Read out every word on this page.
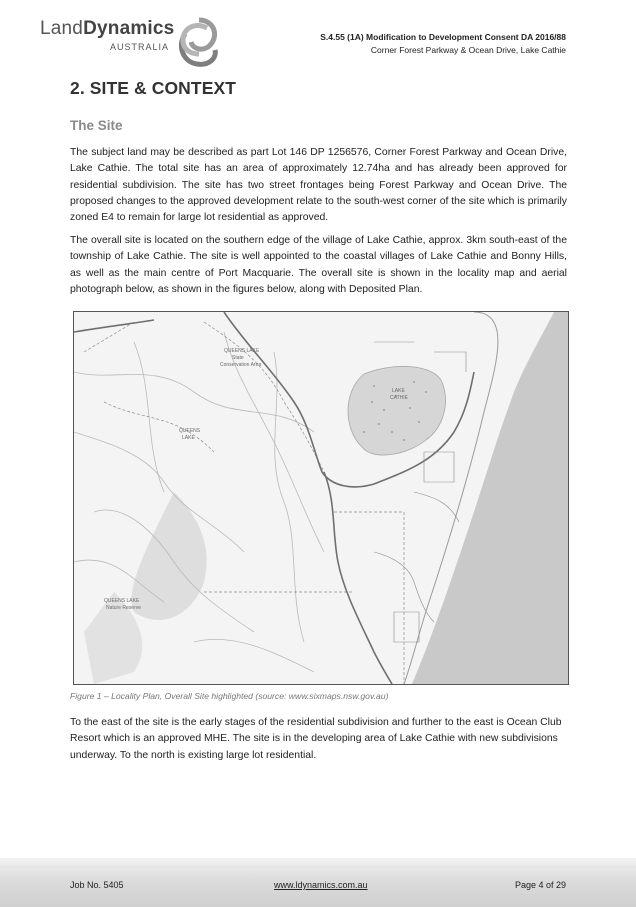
LandDynamics
AUSTRALIA
S.4.55 (1A) Modification to Development Consent DA 2016/88
Corner Forest Parkway & Ocean Drive, Lake Cathie
2. SITE & CONTEXT
The Site

The subject land may be described as part Lot 146 DP 1256576, Corner Forest Parkway and Ocean Drive, Lake Cathie. The total site has an area of approximately 12.74ha and has already been approved for residential subdivision. The site has two street frontages being Forest Parkway and Ocean Drive. The proposed changes to the approved development relate to the south-west corner of the site which is primarily zoned E4 to remain for large lot residential as approved.

The overall site is located on the southern edge of the village of Lake Cathie, approx. 3km south-east of the township of Lake Cathie. The site is well appointed to the coastal villages of Lake Cathie and Bonny Hills, as well as the main centre of Port Macquarie. The overall site is shown in the locality map and aerial photograph below, as shown in the figures below, along with Deposited Plan.

QUEENS LAKE
State
Conservation Area
QUEENS
LAKE
QUEENS LAKE
Nature Reserve
LAKE
CATHIE
Figure 1 – Locality Plan, Overall Site highlighted (source: www.sixmaps.nsw.gov.au)

To the east of the site is the early stages of the residential subdivision and further to the east is Ocean Club Resort which is an approved MHE. The site is in the developing area of Lake Cathie with new subdivisions underway. To the north is existing large lot residential.

Job No. 5405	www.ldynamics.com.au	Page 4 of 29
